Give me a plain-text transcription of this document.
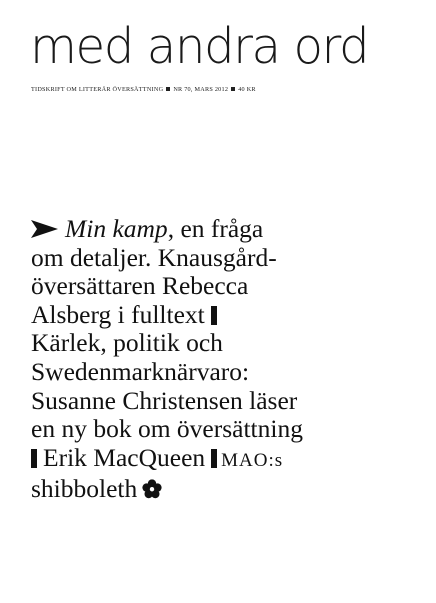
med andra ord
TIDSKRIFT OM LITTERÄR ÖVERSÄTTNING NR 70, MARS 2012 40 KR
Min kamp, en fråga
om detaljer. Knausgård-
översättaren Rebecca
Alsberg i fulltext
Kärlek, politik och
Swedenmarknärvaro:
Susanne Christensen läser
en ny bok om översättning
Erik MacQueen MAO:s
shibboleth
